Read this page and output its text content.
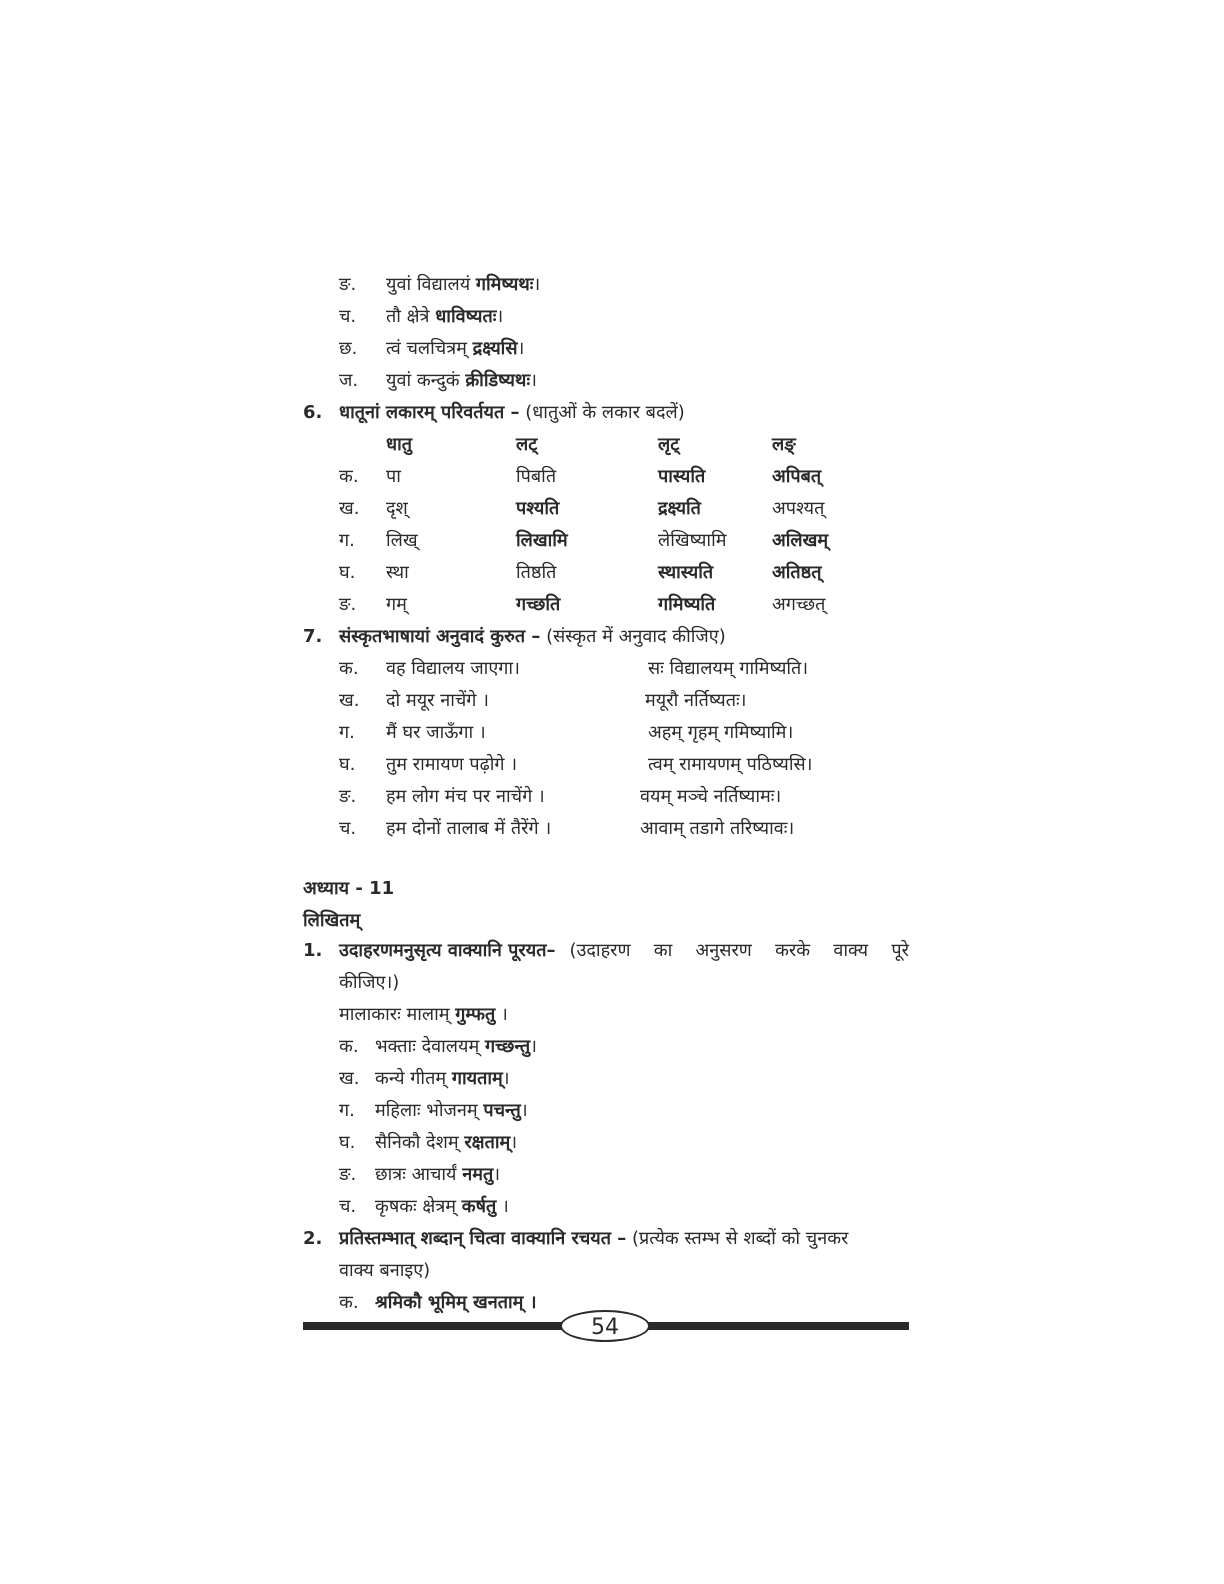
ङ. युवां विद्यालयं गमिष्यथः।
च. तौ क्षेत्रे धाविष्यतः।
छ. त्वं चलचित्रम् द्रक्ष्यसि।
ज. युवां कन्दुकं क्रीडिष्यथः।
6. धातूनां लकारम् परिवर्तयत – (धातुओं के लकार बदलें)
धातु	लट्	लृट्	लङ्
क. पा	पिबति	पास्यति	अपिबत्
ख. दृश्	पश्यति	द्रक्ष्यति	अपश्यत्
ग. लिख्	लिखामि	लेखिष्यामि	अलिखम्
घ. स्था	तिष्ठति	स्थास्यति	अतिष्ठत्
ङ. गम्	गच्छति	गमिष्यति	अगच्छत्
7. संस्कृतभाषायां अनुवादं कुरुत – (संस्कृत में अनुवाद कीजिए)
क. वह विद्यालय जाएगा।	सः विद्यालयम् गामिष्यति।
ख. दो मयूर नाचेंगे ।	मयूरौ नर्तिष्यतः।
ग. मैं घर जाऊँगा ।	अहम् गृहम् गमिष्यामि।
घ. तुम रामायण पढ़ोगे ।	त्वम् रामायणम् पठिष्यसि।
ङ. हम लोग मंच पर नाचेंगे ।	वयम् मञ्चे नर्तिष्यामः।
च. हम दोनों तालाब में तैरेंगे ।	आवाम् तडागे तरिष्यावः।
अध्याय - 11
लिखितम्
1. उदाहरणमनुसृत्य वाक्यानि पूरयत– (उदाहरण का अनुसरण करके वाक्य पूरे
कीजिए।)
मालाकारः मालाम् गुम्फतु ।
क. भक्ताः देवालयम् गच्छन्तु।
ख. कन्ये गीतम् गायताम्।
ग. महिलाः भोजनम् पचन्तु।
घ. सैनिकौ देशम् रक्षताम्।
ङ. छात्रः आचार्यं नमतु।
च. कृषकः क्षेत्रम् कर्षतु ।
2. प्रतिस्तम्भात् शब्दान् चित्वा वाक्यानि रचयत – (प्रत्येक स्तम्भ से शब्दों को चुनकर
वाक्य बनाइए)
क. श्रमिकौ भूमिम् खनताम् ।
54
